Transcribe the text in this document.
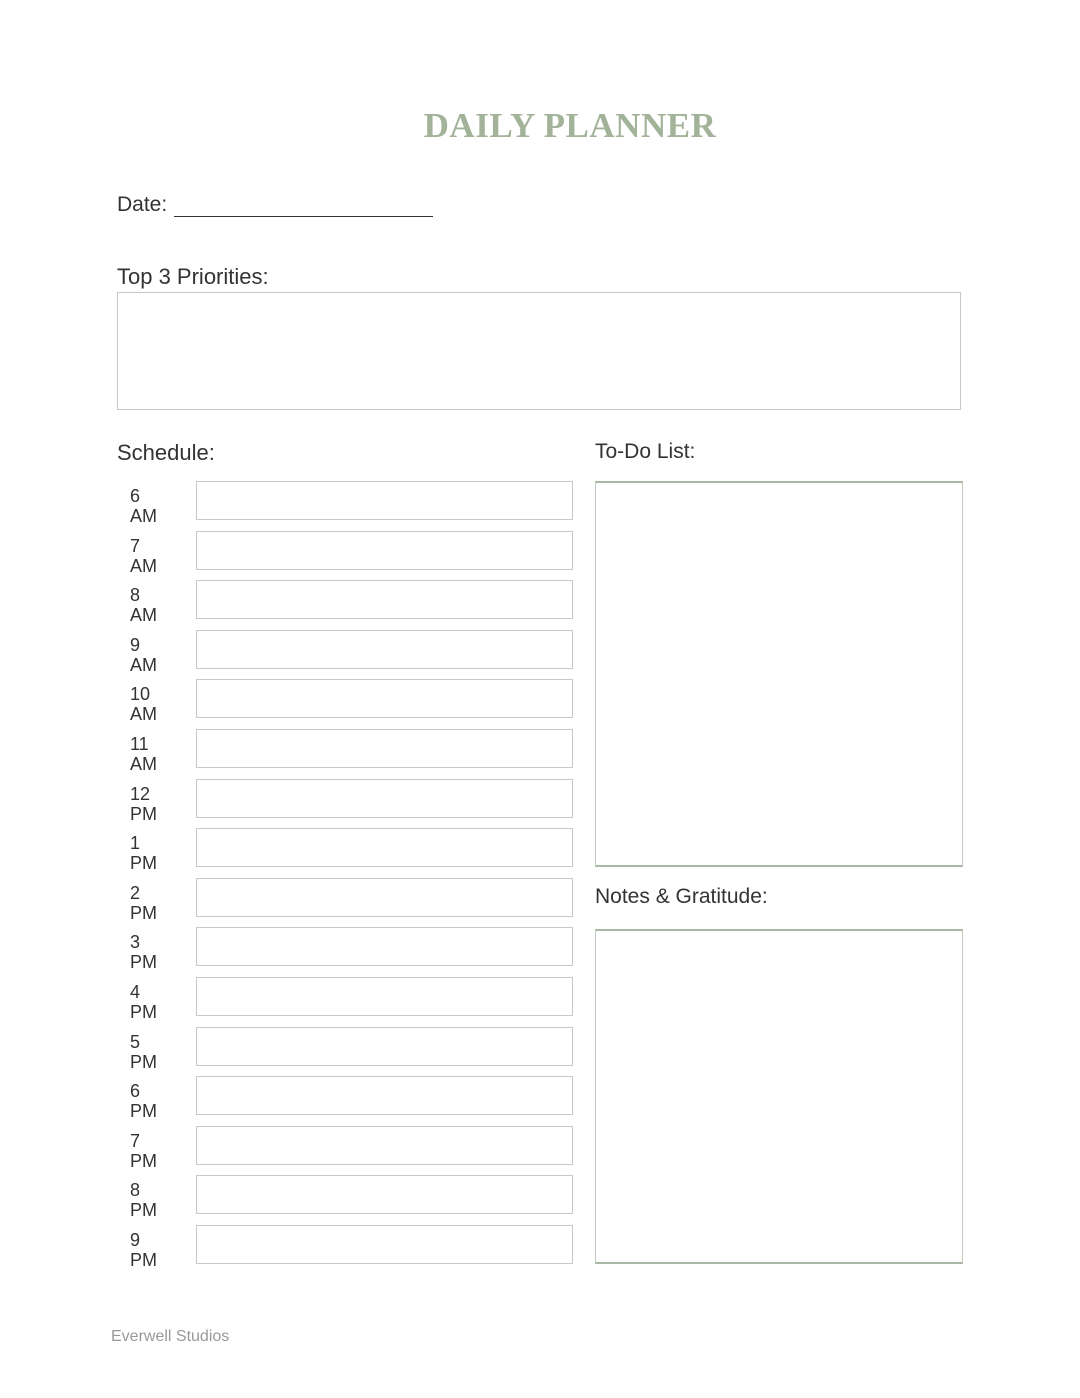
DAILY PLANNER
Date:
Top 3 Priorities:
Schedule:	To-Do List:
Notes & Gratitude:
6 AM
7 AM
8 AM
9 AM
10 AM
11 AM
12 PM
1 PM
2 PM
3 PM
4 PM
5 PM
6 PM
7 PM
8 PM
9 PM
Everwell Studios
